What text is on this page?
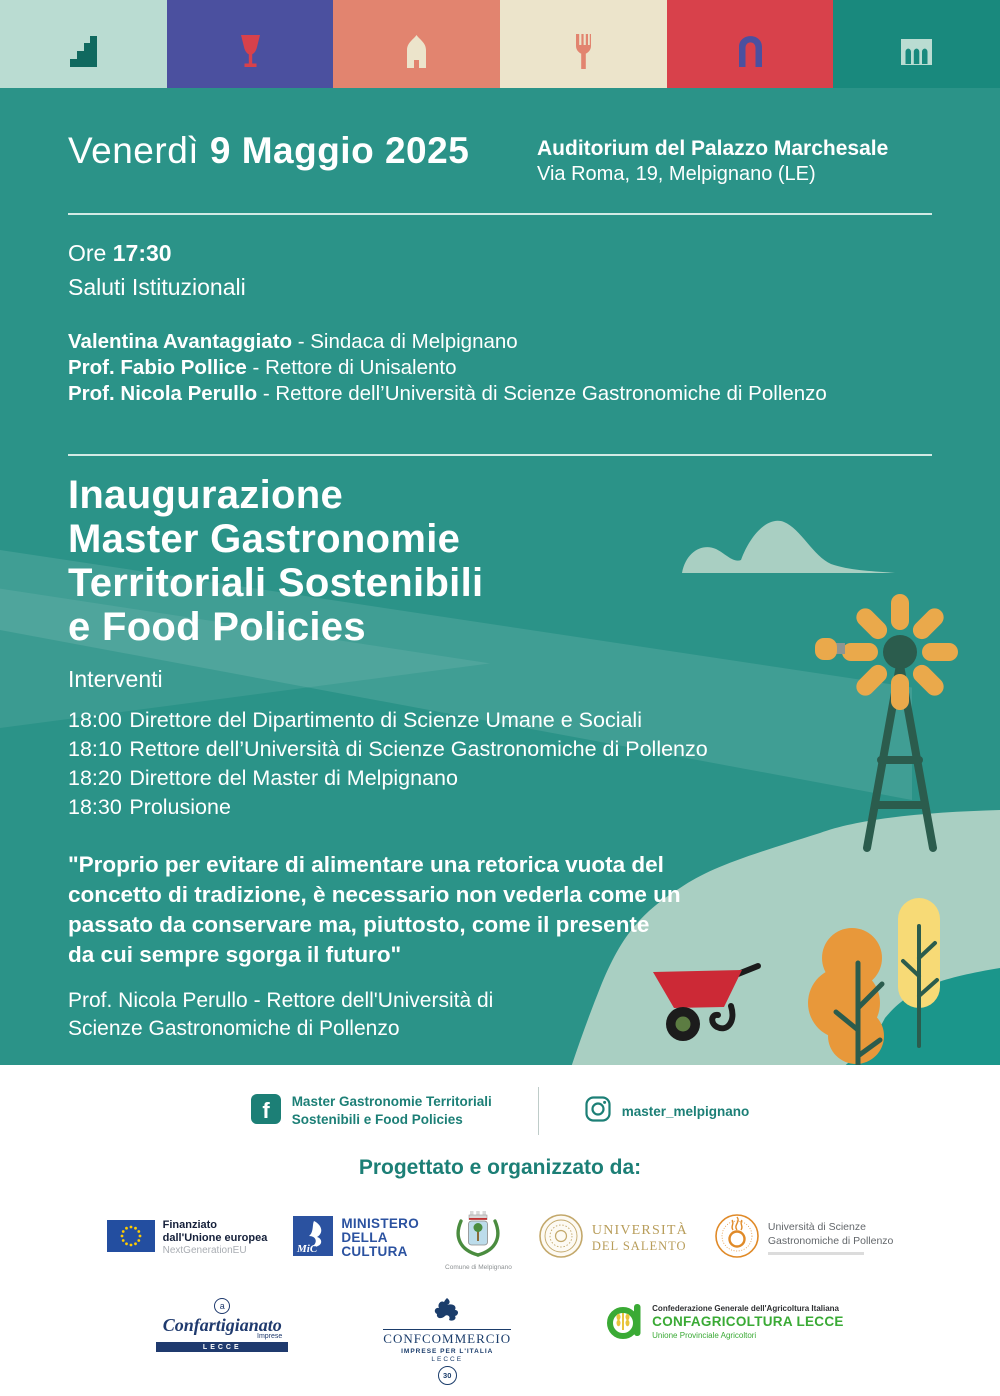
Venerdì 9 Maggio 2025	Auditorium del Palazzo Marchesale
Via Roma, 19, Melpignano (LE)
Ore 17:30
Saluti Istituzionali
Valentina Avantaggiato - Sindaca di Melpignano
Prof. Fabio Pollice - Rettore di Unisalento
Prof. Nicola Perullo - Rettore dell’Università di Scienze Gastronomiche di Pollenzo
Inaugurazione
Master Gastronomie
Territoriali Sostenibili
e Food Policies
Interventi
18:00 Direttore del Dipartimento di Scienze Umane e Sociali
18:10 Rettore dell’Università di Scienze Gastronomiche di Pollenzo
18:20 Direttore del Master di Melpignano
18:30 Prolusione
"Proprio per evitare di alimentare una retorica vuota del
concetto di tradizione, è necessario non vederla come un
passato da conservare ma, piuttosto, come il presente
da cui sempre sgorga il futuro"
Prof. Nicola Perullo - Rettore dell'Università di
Scienze Gastronomiche di Pollenzo
f Master Gastronomie Territoriali
Sostenibili e Food Policies
master_melpignano
Progettato e organizzato da:
Finanziato
dall'Unione europea
NextGenerationEU	MiC
MINISTERO
DELLA
CULTURA
Comune di Melpignano
UNIVERSITÀ
DEL SALENTO
Università di Scienze
Gastronomiche di Pollenzo
a
Confartigianato
Imprese
LECCE
CONFCOMMERCIO
IMPRESE PER L'ITALIA
LECCE
30
Confederazione Generale dell'Agricoltura Italiana
CONFAGRICOLTURA LECCE
Unione Provinciale Agricoltori
